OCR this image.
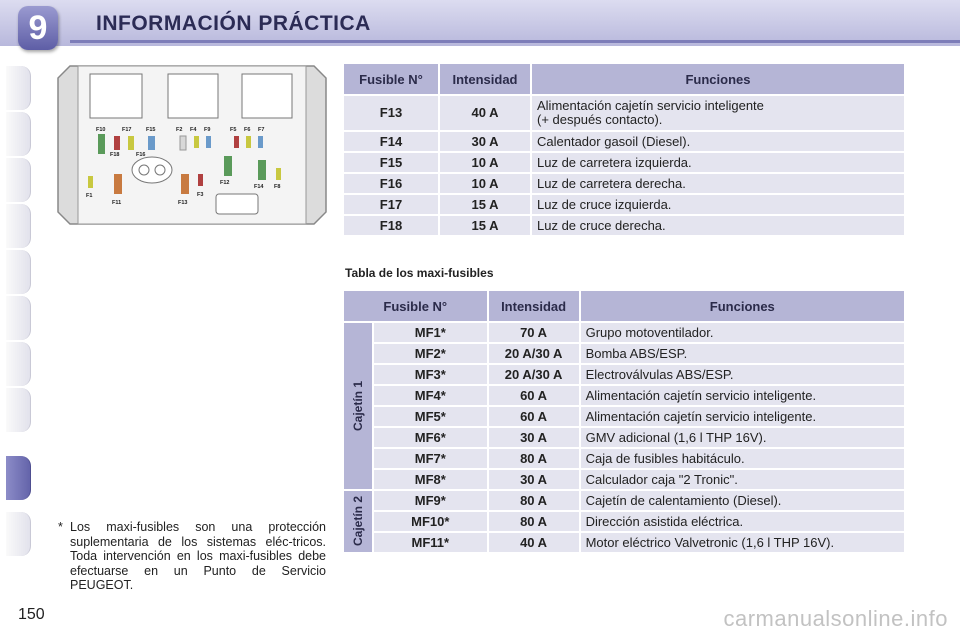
9	INFORMACIÓN PRÁCTICA
F10	F17	F15	F2 F4 F9	F5 F6 F7
F18	F16
F1
F11	F13
F3
F12
F14 F8
Fusible N°	Intensidad	Funciones
F13	40 A	Alimentación cajetín servicio inteligente
(+ después contacto).
F14	30 A	Calentador gasoil (Diesel).
F15	10 A	Luz de carretera izquierda.
F16	10 A	Luz de carretera derecha.
F17	15 A	Luz de cruce izquierda.
F18	15 A	Luz de cruce derecha.
Tabla de los maxi-fusibles
Fusible N°		Intensidad	Funciones

Cajetín 1	MF1*	70 A	Grupo motoventilador.
	MF2*	20 A/30 A	Bomba ABS/ESP.
	MF3*	20 A/30 A	Electroválvulas ABS/ESP.
	MF4*	60 A	Alimentación cajetín servicio inteligente.
	MF5*	60 A	Alimentación cajetín servicio inteligente.
	MF6*	30 A	GMV adicional (1,6 l THP 16V).
	MF7*	80 A	Caja de fusibles habitáculo.
	MF8*	30 A	Calculador caja "2 Tronic".

Cajetín 2	MF9*	80 A	Cajetín de calentamiento (Diesel).
	MF10*	80 A	Dirección asistida eléctrica.
	MF11*	40 A	Motor eléctrico Valvetronic (1,6 l THP 16V).
* Los maxi-fusibles son una protección suplementaria de los sistemas eléc-tricos. Toda intervención en los maxi-fusibles debe efectuarse en un Punto de Servicio PEUGEOT.
150	carmanualsonline.info
